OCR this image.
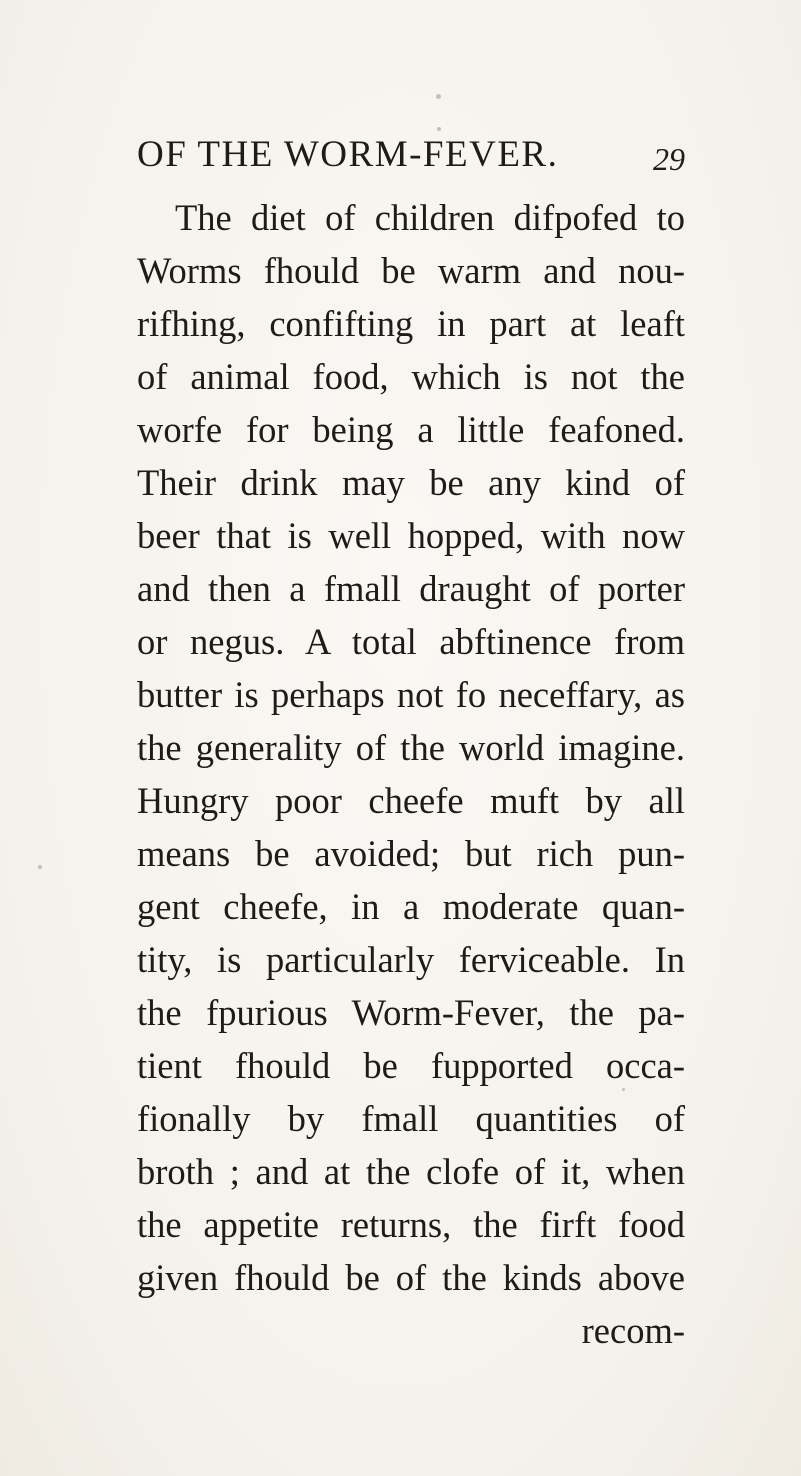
OF THE WORM-FEVER.	29
The diet of children difpofed to
Worms fhould be warm and nou-
rifhing, confifting in part at leaft
of animal food, which is not the
worfe for being a little feafoned.
Their drink may be any kind of
beer that is well hopped, with now
and then a fmall draught of porter
or negus. A total abftinence from
butter is perhaps not fo neceffary, as
the generality of the world imagine.
Hungry poor cheefe muft by all
means be avoided; but rich pun-
gent cheefe, in a moderate quan-
tity, is particularly ferviceable. In
the fpurious Worm-Fever, the pa-
tient fhould be fupported occa-
fionally by fmall quantities of
broth ; and at the clofe of it, when
the appetite returns, the firft food
given fhould be of the kinds above
recom-
